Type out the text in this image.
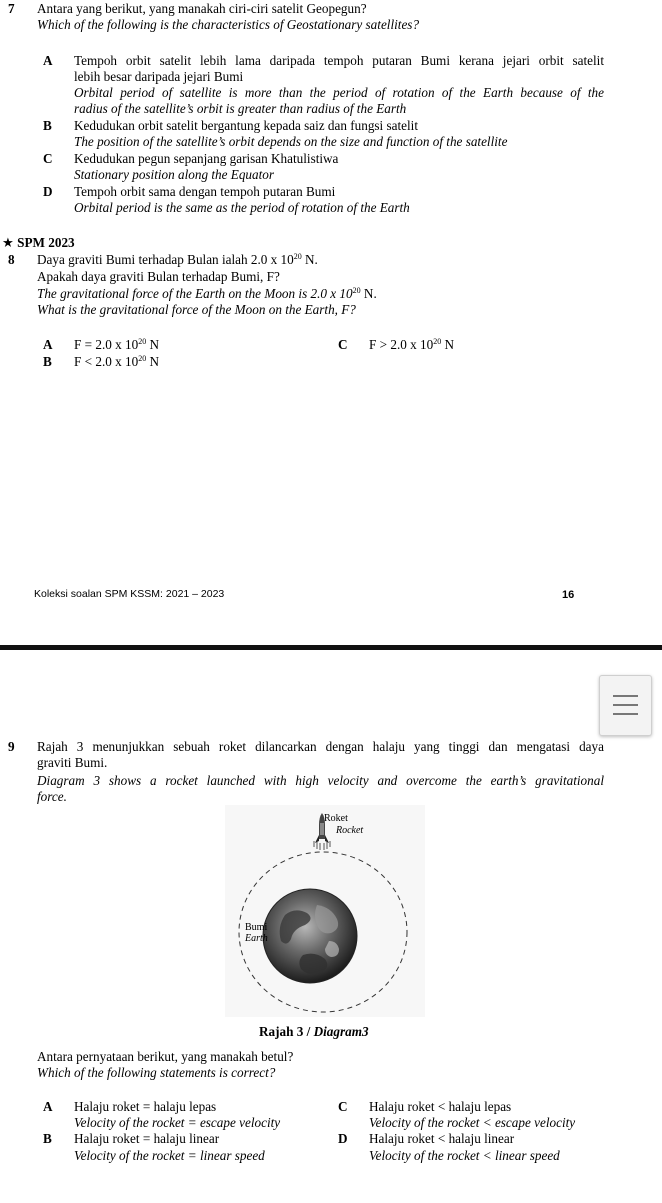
7 Antara yang berikut, yang manakah ciri-ciri satelit Geopegun?
Which of the following is the characteristics of Geostationary satellites?
A Tempoh orbit satelit lebih lama daripada tempoh putaran Bumi kerana jejari orbit satelit
lebih besar daripada jejari Bumi
Orbital period of satellite is more than the period of rotation of the Earth because of the
radius of the satellite’s orbit is greater than radius of the Earth
B Kedudukan orbit satelit bergantung kepada saiz dan fungsi satelit
The position of the satellite’s orbit depends on the size and function of the satellite
C Kedudukan pegun sepanjang garisan Khatulistiwa
Stationary position along the Equator
D Tempoh orbit sama dengan tempoh putaran Bumi
Orbital period is the same as the period of rotation of the Earth
★ SPM 2023
8 Daya graviti Bumi terhadap Bulan ialah 2.0 x $10^{20}$ N.
Apakah daya graviti Bulan terhadap Bumi, F?
The gravitational force of the Earth on the Moon is 2.0 x $10^{20}$ N.
What is the gravitational force of the Moon on the Earth, F?
A F = 2.0 x $10^{20}$ N
B F < 2.0 x $10^{20}$ N
C F > 2.0 x $10^{20}$ N
Koleksi soalan SPM KSSM: 2021 – 2023	16
9 Rajah 3 menunjukkan sebuah roket dilancarkan dengan halaju yang tinggi dan mengatasi daya
graviti Bumi.
Diagram 3 shows a rocket launched with high velocity and overcome the earth’s gravitational
force.
Roket
Rocket
Bumi
Earth
Rajah 3 / Diagram3
Antara pernyataan berikut, yang manakah betul?
Which of the following statements is correct?
A Halaju roket = halaju lepas
Velocity of the rocket = escape velocity
B Halaju roket = halaju linear
Velocity of the rocket = linear speed
C Halaju roket < halaju lepas
Velocity of the rocket < escape velocity
D Halaju roket < halaju linear
Velocity of the rocket < linear speed
